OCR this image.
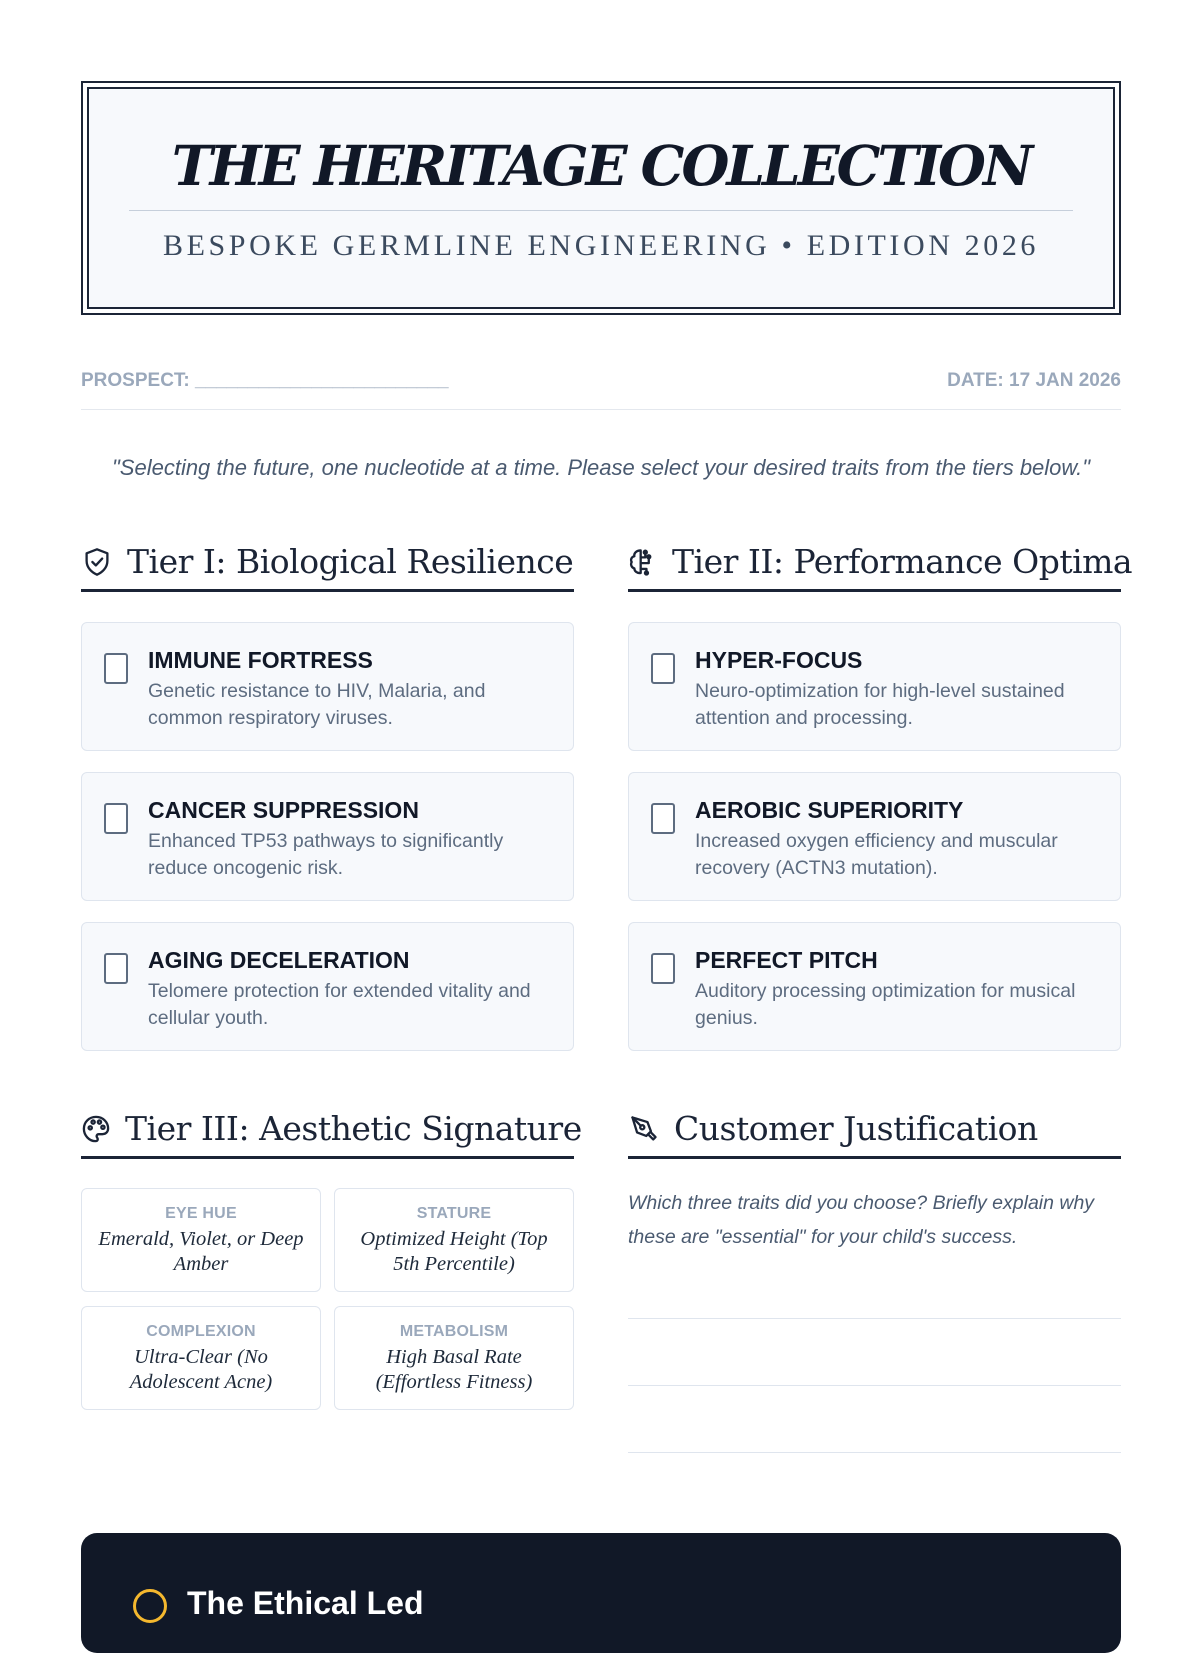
THE HERITAGE COLLECTION
BESPOKE GERMLINE ENGINEERING • EDITION 2026
PROSPECT: ________________________	DATE: 17 JAN 2026
"Selecting the future, one nucleotide at a time. Please select your desired traits from the tiers below."
Tier I: Biological Resilience	Tier II: Performance Optima
IMMUNE FORTRESS
Genetic resistance to HIV, Malaria, and common respiratory viruses.
CANCER SUPPRESSION
Enhanced TP53 pathways to significantly reduce oncogenic risk.
AGING DECELERATION
Telomere protection for extended vitality and cellular youth.
HYPER-FOCUS
Neuro-optimization for high-level sustained attention and processing.
AEROBIC SUPERIORITY
Increased oxygen efficiency and muscular recovery (ACTN3 mutation).
PERFECT PITCH
Auditory processing optimization for musical genius.
Tier III: Aesthetic Signature	Customer Justification
EYE HUE
Emerald, Violet, or Deep Amber
STATURE
Optimized Height (Top 5th Percentile)
COMPLEXION
Ultra-Clear (No Adolescent Acne)
METABOLISM
High Basal Rate (Effortless Fitness)
Which three traits did you choose? Briefly explain why these are "essential" for your child's success.
The Ethical Led
